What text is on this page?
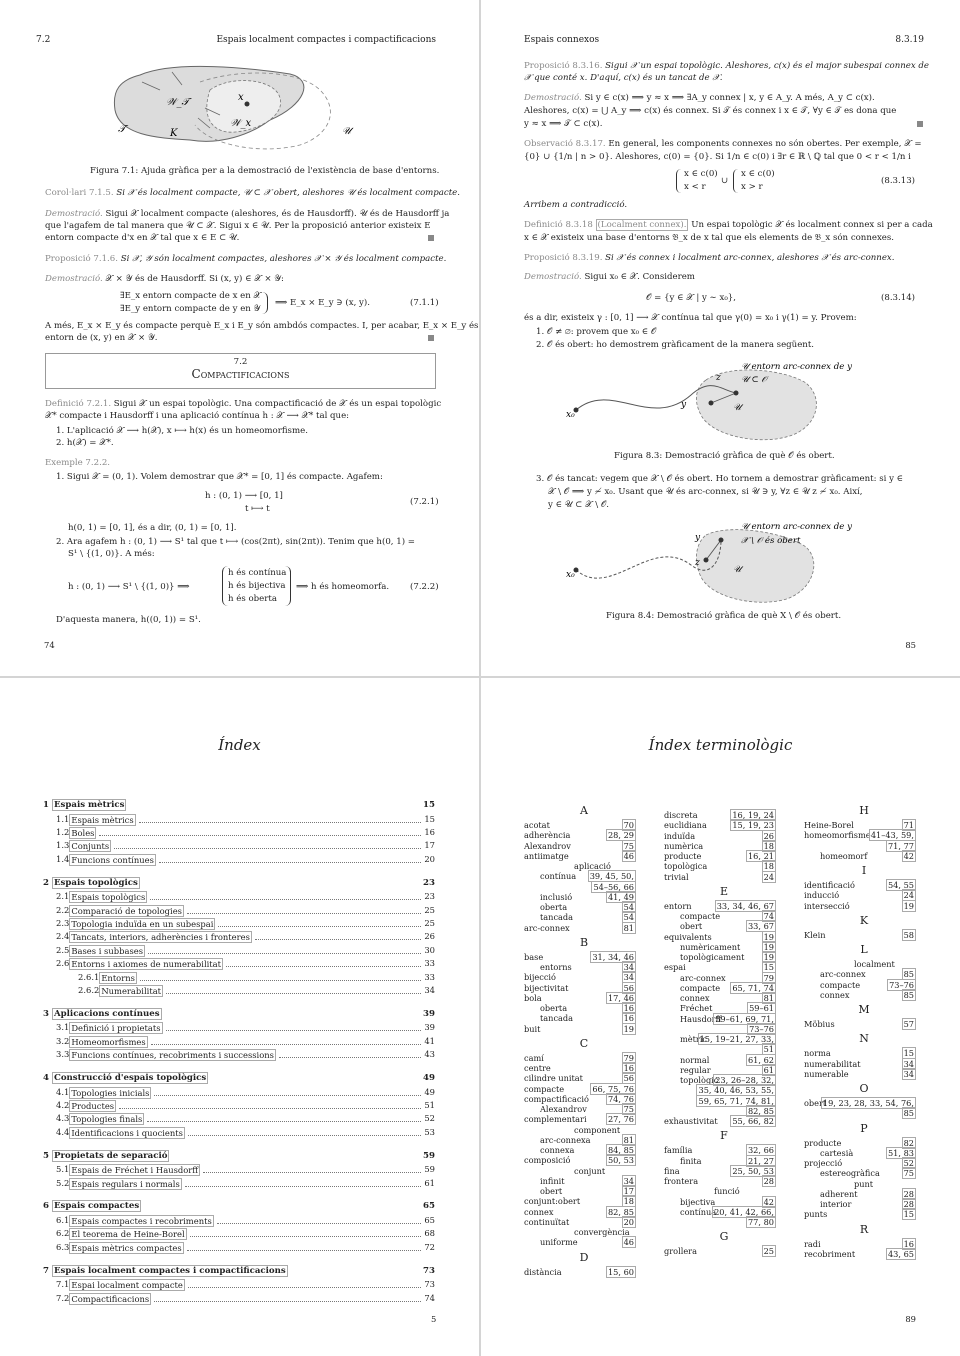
7.2	Espais localment compactes i compactificacions
𝒲_𝒯	x
𝒲_x
𝒯	K	𝒰
Figura 7.1: Ajuda gràfica per a la demostració de l'existència de base d'entorns.
Corol·lari 7.1.5. Si 𝒳 és localment compacte, 𝒰 ⊂ 𝒳 obert, aleshores 𝒰 és localment compacte.
Demostració. Sigui 𝒳 localment compacte (aleshores, és de Hausdorff). 𝒰 és de Hausdorff ja
que l'agafem de tal manera que 𝒰 ⊂ 𝒳. Sigui x ∈ 𝒰. Per la proposició anterior existeix E
entorn compacte d'x en 𝒳 tal que x ∈ E ⊂ 𝒰.
Proposició 7.1.6. Si 𝒳, 𝒴 són localment compactes, aleshores 𝒳 × 𝒴 és localment compacte.
Demostració. 𝒳 × 𝒴 és de Hausdorff. Si (x, y) ∈ 𝒳 × 𝒴:
∃E_x entorn compacte de x en 𝒳
∃E_y entorn compacte de y en 𝒴
⟹ E_x × E_y ∋ (x, y).	(7.1.1)
A més, E_x × E_y és compacte perquè E_x i E_y són ambdós compactes. I, per acabar, E_x × E_y és
entorn de (x, y) en 𝒳 × 𝒴.
7.2
Compactificacions
Definició 7.2.1. Sigui 𝒳 un espai topològic. Una compactificació de 𝒳 és un espai topològic
𝒳* compacte i Hausdorff i una aplicació contínua h : 𝒳 ⟶ 𝒳* tal que:
1. L'aplicació 𝒳 ⟶ h(𝒳), x ⟼ h(x) és un homeomorfisme.
2. h(𝒳) = 𝒳*.
Exemple 7.2.2.
1. Sigui 𝒳 = (0, 1). Volem demostrar que 𝒳* = [0, 1] és compacte. Agafem:
h : (0, 1) ⟶ [0, 1]
t ⟼ t
(7.2.1)
h(0, 1) = [0, 1], és a dir, (0, 1) = [0, 1].
2. Ara agafem h : (0, 1) ⟶ S¹ tal que t ⟼ (cos(2πt), sin(2πt)). Tenim que h(0, 1) =
S¹ \ {(1, 0)}. A més:
h : (0, 1) ⟶ S¹ \ {(1, 0)} ⟹
h és contínua
h és bijectiva
h és oberta
⟹ h és homeomorfa. (7.2.2)
D'aquesta manera, h((0, 1)) = S¹.
74
Espais connexos	8.3.19
Proposició 8.3.16. Sigui 𝒳 un espai topològic. Aleshores, c(x) és el major subespai connex de
𝒳 que conté x. D'aquí, c(x) és un tancat de 𝒳.
Demostració. Si y ∈ c(x) ⟹ y ≈ x ⟹ ∃A_y connex | x, y ∈ A_y. A més, A_y ⊂ c(x).
Aleshores, c(x) = ⋃ A_y ⟹ c(x) és connex. Si 𝒯 és connex i x ∈ 𝒯, ∀y ∈ 𝒯 es dona que
y ≈ x ⟹ 𝒯 ⊂ c(x).
Observació 8.3.17. En general, les components connexes no són obertes. Per exemple, 𝒳 =
{0} ∪ {1/n | n > 0}. Aleshores, c(0) = {0}. Si 1/n ∈ c(0) i ∃r ∈ ℝ \ ℚ tal que 0 < r < 1/n i
x ∈ c(0)
x < r
∪
x ∈ c(0)
x > r
(8.3.13)
Arribem a contradicció.
Definició 8.3.18 (Localment connex). Un espai topològic 𝒳 és localment connex si per a cada
x ∈ 𝒳 existeix una base d'entorns 𝔅_x de x tal que els elements de 𝔅_x són connexes.
Proposició 8.3.19. Si 𝒳 és connex i localment arc-connex, aleshores 𝒳 és arc-connex.
Demostració. Sigui x₀ ∈ 𝒳. Considerem
𝒪 = {y ∈ 𝒳 | y ∼ x₀},	(8.3.14)
és a dir, existeix γ : [0, 1] ⟶ 𝒳 contínua tal que γ(0) = x₀ i γ(1) = y. Provem:
1. 𝒪 ≠ ∅: provem que x₀ ∈ 𝒪
2. 𝒪 és obert: ho demostrem gràficament de la manera següent.
𝒰 entorn arc-connex de y
𝒰 ⊂ 𝒪
z
y	𝒰
x₀
Figura 8.3: Demostració gràfica de què 𝒪 és obert.
3. 𝒪 és tancat: vegem que 𝒳 \ 𝒪 és obert. Ho tornem a demostrar gràficament: si y ∈
𝒳 \ 𝒪 ⟹ y ≁ x₀. Usant que 𝒰 és arc-connex, si 𝒰 ∋ y, ∀z ∈ 𝒰 z ≁ x₀. Així,
y ∈ 𝒰 ⊂ 𝒳 \ 𝒪.
𝒰 entorn arc-connex de y
𝒳 \ 𝒪 és obert
y
z
𝒰
x₀
Figura 8.4: Demostració gràfica de què X \ 𝒪 és obert.
85
Índex
1 Espais mètrics	15
1.1 Espais mètrics	15
1.2 Boles	16
1.3 Conjunts	17
1.4 Funcions contínues	20
2 Espais topològics	23
2.1 Espais topològics	23
2.2 Comparació de topologies	25
2.3 Topologia induïda en un subespai	25
2.4 Tancats, interiors, adherències i fronteres	26
2.5 Bases i subbases	30
2.6 Entorns i axiomes de numerabilitat	33
2.6.1 Entorns	33
2.6.2 Numerabilitat	34
3 Aplicacions contínues	39
3.1 Definició i propietats	39
3.2 Homeomorfismes	41
3.3 Funcions contínues, recobriments i successions	43
4 Construcció d'espais topològics	49
4.1 Topologies inicials	49
4.2 Productes	51
4.3 Topologies finals	52
4.4 Identificacions i quocients	53
5 Propietats de separació	59
5.1 Espais de Fréchet i Hausdorff	59
5.2 Espais regulars i normals	61
6 Espais compactes	65
6.1 Espais compactes i recobriments	65
6.2 El teorema de Heine-Borel	68
6.3 Espais mètrics compactes	72
7 Espais localment compactes i compactificacions	73
7.1 Espai localment compacte	73
7.2 Compactificacions	74
5
Índex terminològic
A
acotat	70
adherència	28, 29
Alexandrov	75
antiimatge	46
aplicació
contínua 39, 45, 50,
54–56, 66
inclusió	41, 49
oberta	54
tancada	54
arc-connex	81
B
base	31, 34, 46
entorns	34
bijecció	34
bijectivitat	56
bola	17, 46
oberta	16
tancada	16
buit	19
C
camí	79
centre	16
cilindre unitat	56
compacte	66, 75, 76
compactificació 74, 76
Alexandrov	75
complementari	27, 76
component
arc-connexa	81
connexa	84, 85
composició	50, 53
conjunt
infinit	34
obert	17
conjunt:obert	18
connex	82, 85
continuïtat	20
convergència
uniforme	46
D
distància	15, 60
discreta	16, 19, 24
euclidiana	15, 19, 23
induïda	26
numèrica	18
producte	16, 21
topològica	18
trivial	24
E
entorn	33, 34, 46, 67
compacte	74
obert	33, 67
equivalents	19
numèricament	19
topològicament 19
espai	15
arc-connex	79
compacte 65, 71, 74
connex	81
Fréchet	59–61
Hausdorff
59–61, 69, 71,
73–76
mètric
15, 19–21, 27, 33,
51
normal	61, 62
regular	61
topològic
23, 26–28, 32,
35, 40, 46, 53, 55,
59, 65, 71, 74, 81,
82, 85
exhaustivitat 55, 66, 82
F
família	32, 66
finita	21, 27
fina	25, 50, 53
frontera	28
funció
bijectiva	42
contínua
20, 41, 42, 66,
77, 80
G
grollera	25
H
Heine-Borel	71
homeomorfisme 41–43, 59,
71, 77
homeomorf	42
I
identificació	54, 55
inducció	24
intersecció	19
K
Klein	58
L
localment
arc-connex	85
compacte	73–76
connex	85
M
Möbius	57
N
norma	15
numerabilitat	34
numerable	34
O
obert
19, 23, 28, 33, 54, 76,
85
P
producte	82
cartesià	51, 83
projecció	52
estereogràfica	75
punt
adherent	28
interior	28
punts	15
R
radi	16
recobriment	43, 65
89
